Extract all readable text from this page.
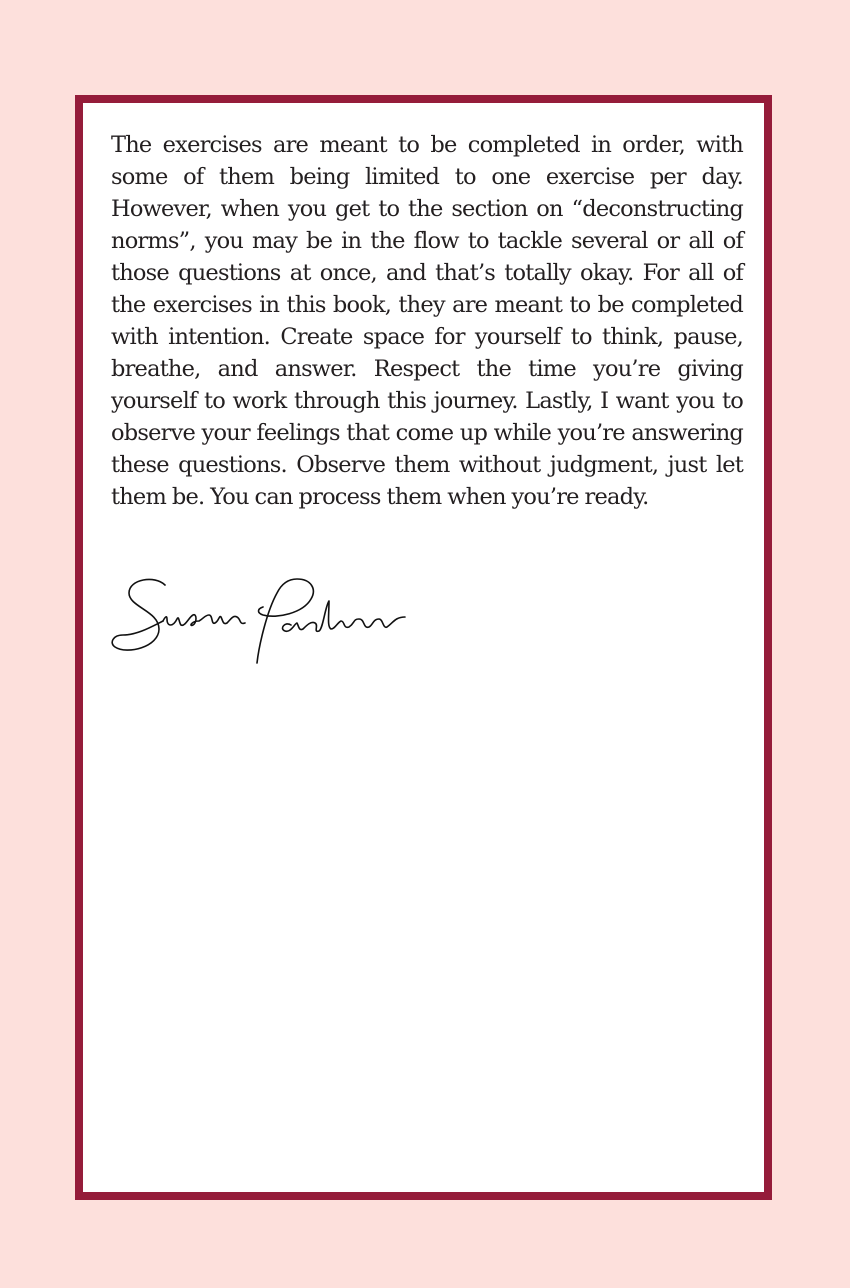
The exercises are meant to be completed in order, with some of them being limited to one exercise per day. However, when you get to the section on “deconstructing norms”, you may be in the flow to tackle several or all of those questions at once, and that’s totally okay. For all of the exercises in this book, they are meant to be completed with intention. Create space for yourself to think, pause, breathe, and answer. Respect the time you’re giving yourself to work through this journey. Lastly, I want you to observe your feelings that come up while you’re answering these questions. Observe them without judgment, just let them be. You can process them when you’re ready.
